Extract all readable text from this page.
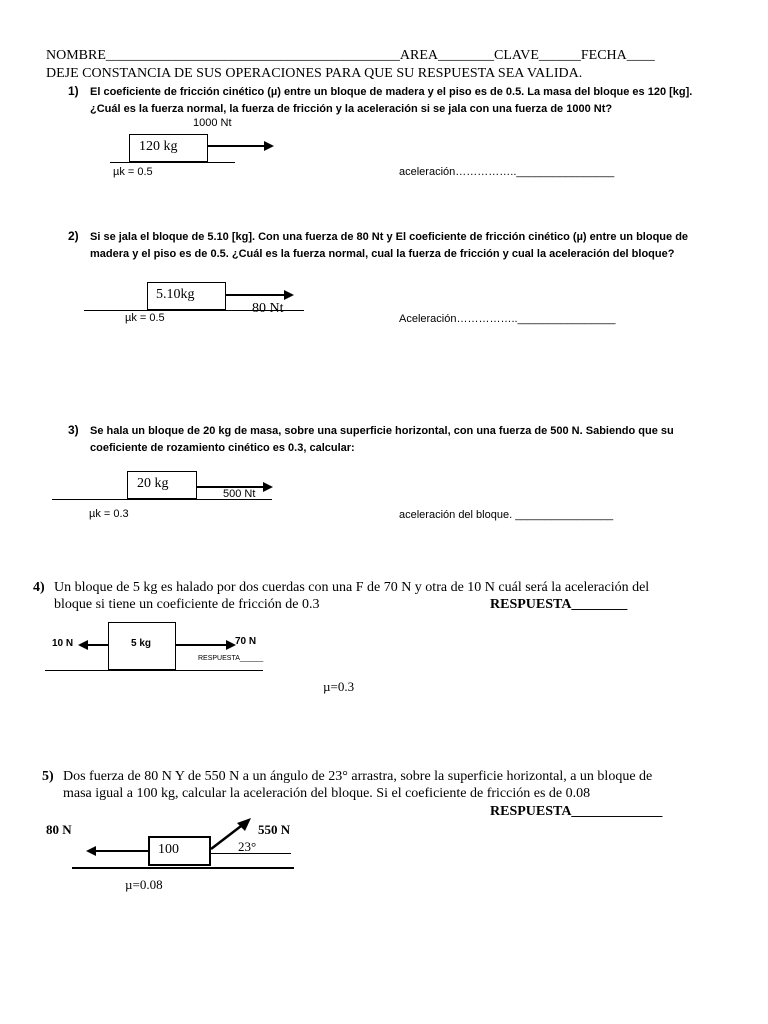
NOMBRE__________________________________________AREA________CLAVE______FECHA____
DEJE CONSTANCIA DE SUS OPERACIONES PARA QUE SU RESPUESTA SEA VALIDA.
1) El coeficiente de fricción cinético (µ) entre un bloque de madera y el piso es de 0.5. La masa del bloque es 120 [kg].
¿Cuál es la fuerza normal, la fuerza de fricción y la aceleración si se jala con una fuerza de 1000 Nt?
1000 Nt
120 kg
µk = 0.5	aceleración……………..________________
2) Si se jala el bloque de 5.10 [kg]. Con una fuerza de 80 Nt y El coeficiente de fricción cinético (µ) entre un bloque de
madera y el piso es de 0.5. ¿Cuál es la fuerza normal, cual la fuerza de fricción y cual la aceleración del bloque?
5.10kg
80 Nt
µk = 0.5	Aceleración……………..________________
3) Se hala un bloque de 20 kg de masa, sobre una superficie horizontal, con una fuerza de 500 N. Sabiendo que su
coeficiente de rozamiento cinético es 0.3, calcular:
20 kg
500 Nt
µk = 0.3	aceleración del bloque. ________________
4) Un bloque de 5 kg es halado por dos cuerdas con una F de 70 N y otra de 10 N cuál será la aceleración del
bloque si tiene un coeficiente de fricción de 0.3	RESPUESTA________
10 N	5 kg	70 N
RESPUESTA______
µ=0.3
5) Dos fuerza de 80 N Y de 550 N a un ángulo de 23° arrastra, sobre la superficie horizontal, a un bloque de
masa igual a 100 kg, calcular la aceleración del bloque. Si el coeficiente de fricción es de 0.08
RESPUESTA_____________
80 N	550 N
100	23°
µ=0.08
